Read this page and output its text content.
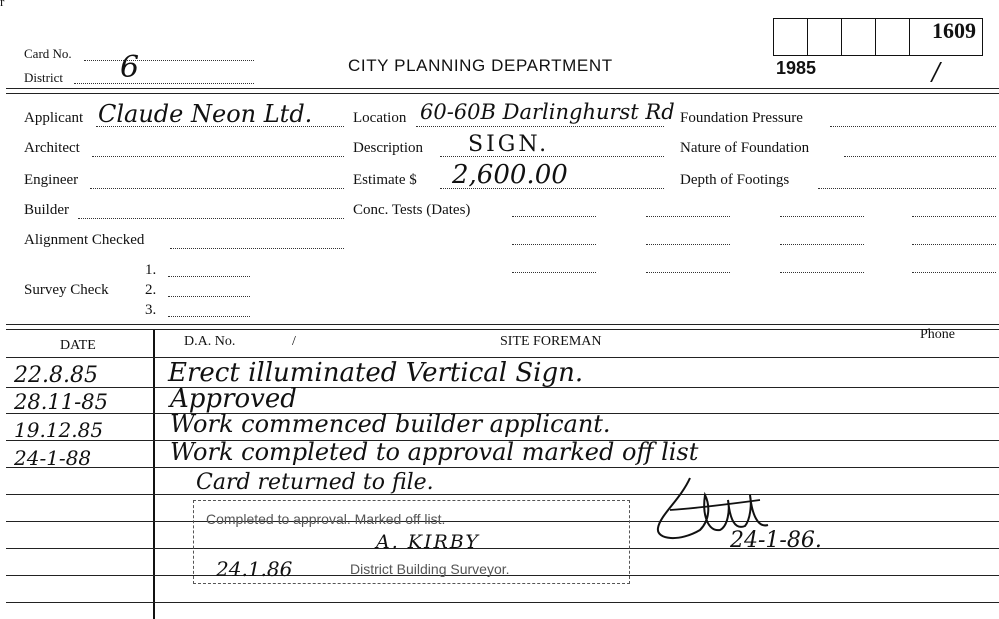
r
Card No.
District 6	CITY PLANNING DEPARTMENT	1985	/
1609
Applicant Claude Neon Ltd.
Architect
Engineer
Builder
Alignment Checked
1.
Survey Check 2.
3.
Location 60-60B Darlinghurst Rd
Description SIGN.
Estimate $ 2,600.00
Conc. Tests (Dates)
Foundation Pressure
Nature of Foundation
Depth of Footings
DATE	D.A. No.	/	SITE FOREMAN	Phone
22.8.85	Erect illuminated Vertical Sign.
28.11-85 Approved
19.12.85	Work commenced builder applicant.
24-1-88	Work completed to approval marked off list
Card returned to file.
Completed to approval. Marked off list.
A. KIRBY
24.1.86	District Building Surveyor.
24-1-86.
